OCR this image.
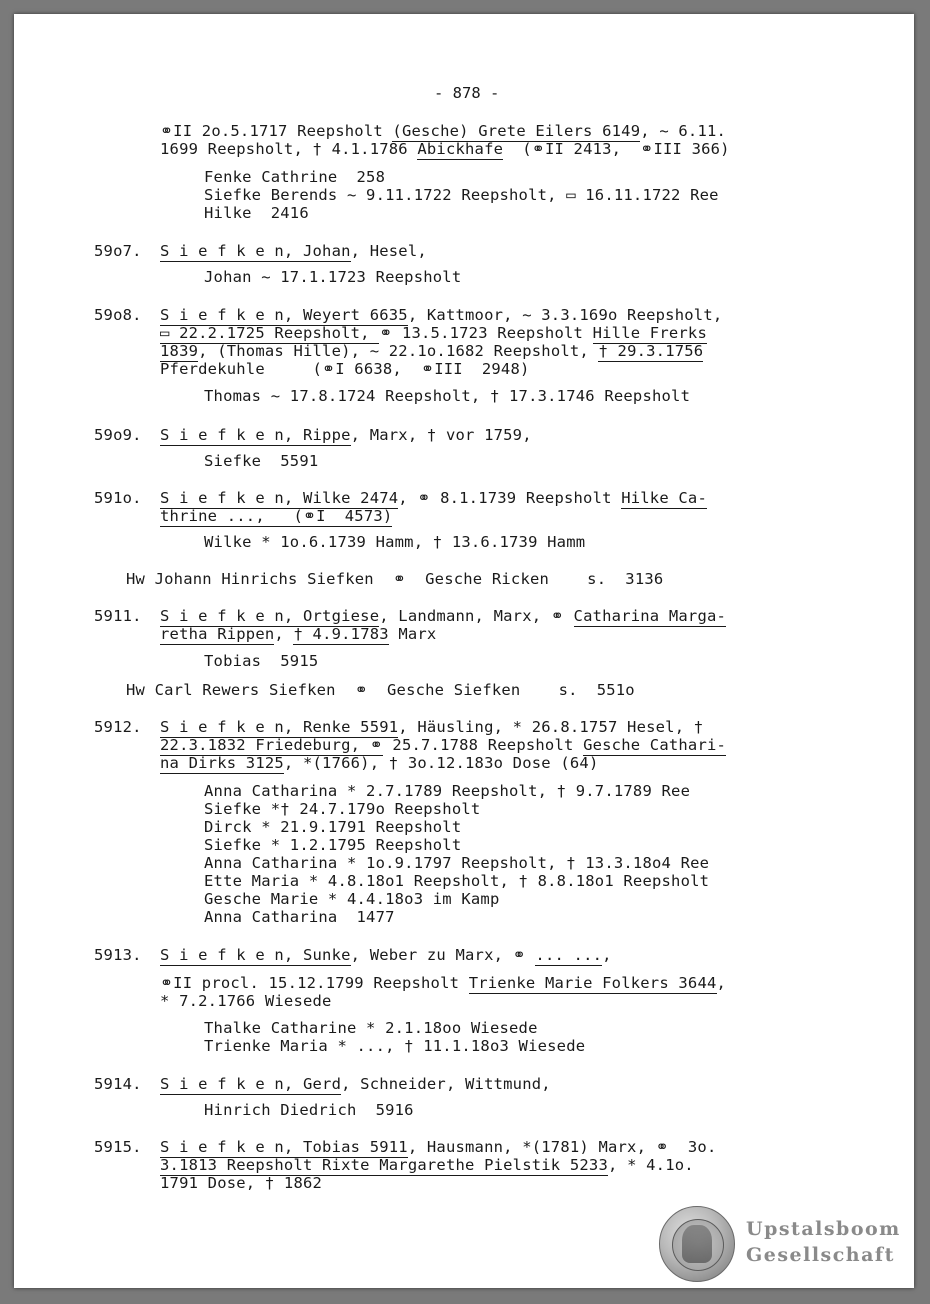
- 878 -
⚭II 2o.5.1717 Reepsholt (Gesche) Grete Eilers 6149, ~ 6.11.
1699 Reepsholt, † 4.1.1786 Abickhafe  (⚭II 2413,  ⚭III 366)
Fenke Cathrine  258
Siefke Berends ~ 9.11.1722 Reepsholt, ▭ 16.11.1722 Ree
Hilke  2416
59o7. S i e f k e n, Johan, Hesel,
Johan ~ 17.1.1723 Reepsholt
59o8. S i e f k e n, Weyert 6635, Kattmoor, ~ 3.3.169o Reepsholt,
▭ 22.2.1725 Reepsholt, ⚭ 13.5.1723 Reepsholt Hille Frerks
1839, (Thomas Hille), ~ 22.1o.1682 Reepsholt, † 29.3.1756
Pferdekuhle     (⚭I 6638,  ⚭III  2948)
Thomas ~ 17.8.1724 Reepsholt, † 17.3.1746 Reepsholt
59o9. S i e f k e n, Rippe, Marx, † vor 1759,
Siefke  5591
591o. S i e f k e n, Wilke 2474, ⚭ 8.1.1739 Reepsholt Hilke Ca-
thrine ...,   (⚭I  4573)
Wilke * 1o.6.1739 Hamm, † 13.6.1739 Hamm
Hw Johann Hinrichs Siefken  ⚭  Gesche Ricken    s.  3136
5911. S i e f k e n, Ortgiese, Landmann, Marx, ⚭ Catharina Marga-
retha Rippen, † 4.9.1783 Marx
Tobias  5915
Hw Carl Rewers Siefken  ⚭  Gesche Siefken    s.  551o
5912. S i e f k e n, Renke 5591, Häusling, * 26.8.1757 Hesel, †
22.3.1832 Friedeburg, ⚭ 25.7.1788 Reepsholt Gesche Cathari-
na Dirks 3125, *(1766), † 3o.12.183o Dose (64)
Anna Catharina * 2.7.1789 Reepsholt, † 9.7.1789 Ree
Siefke *† 24.7.179o Reepsholt
Dirck * 21.9.1791 Reepsholt
Siefke * 1.2.1795 Reepsholt
Anna Catharina * 1o.9.1797 Reepsholt, † 13.3.18o4 Ree
Ette Maria * 4.8.18o1 Reepsholt, † 8.8.18o1 Reepsholt
Gesche Marie * 4.4.18o3 im Kamp
Anna Catharina  1477
5913. S i e f k e n, Sunke, Weber zu Marx, ⚭ ... ...,
⚭II procl. 15.12.1799 Reepsholt Trienke Marie Folkers 3644,
* 7.2.1766 Wiesede
Thalke Catharine * 2.1.18oo Wiesede
Trienke Maria * ..., † 11.1.18o3 Wiesede
5914. S i e f k e n, Gerd, Schneider, Wittmund,
Hinrich Diedrich  5916
5915. S i e f k e n, Tobias 5911, Hausmann, *(1781) Marx, ⚭  3o.
3.1813 Reepsholt Rixte Margarethe Pielstik 5233, * 4.1o.
1791 Dose, † 1862
Upstalsboom
Gesellschaft
